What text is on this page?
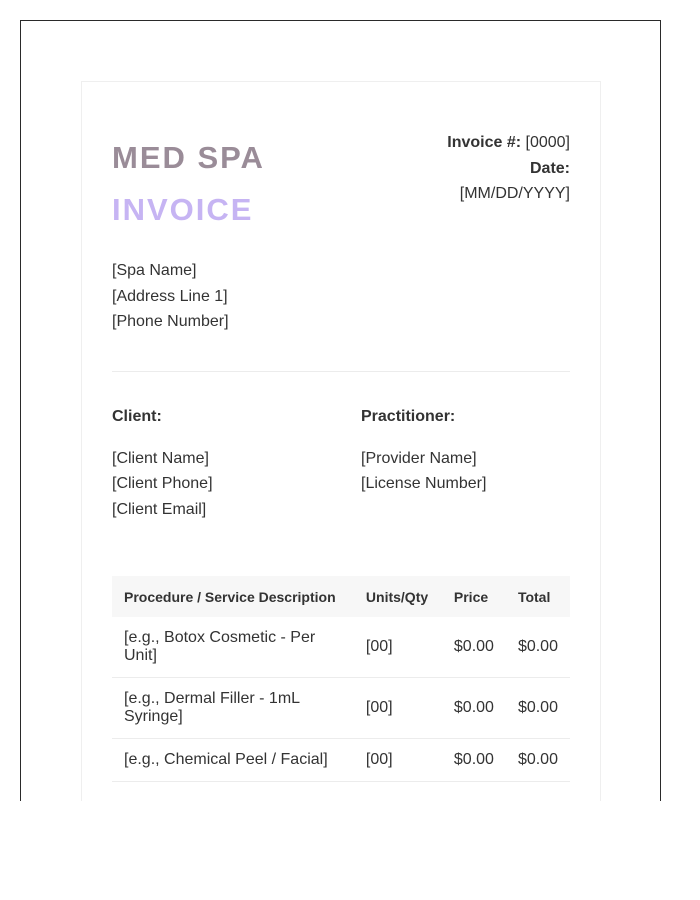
MED SPA
INVOICE
Invoice #: [0000]
Date:
[MM/DD/YYYY]
[Spa Name]
[Address Line 1]
[Phone Number]
Client:
[Client Name]
[Client Phone]
[Client Email]
Practitioner:
[Provider Name]
[License Number]
Procedure / Service Description	Units/Qty	Price	Total
[e.g., Botox Cosmetic - Per Unit]	[00]	$0.00	$0.00
[e.g., Dermal Filler - 1mL Syringe]	[00]	$0.00	$0.00
[e.g., Chemical Peel / Facial]	[00]	$0.00	$0.00
